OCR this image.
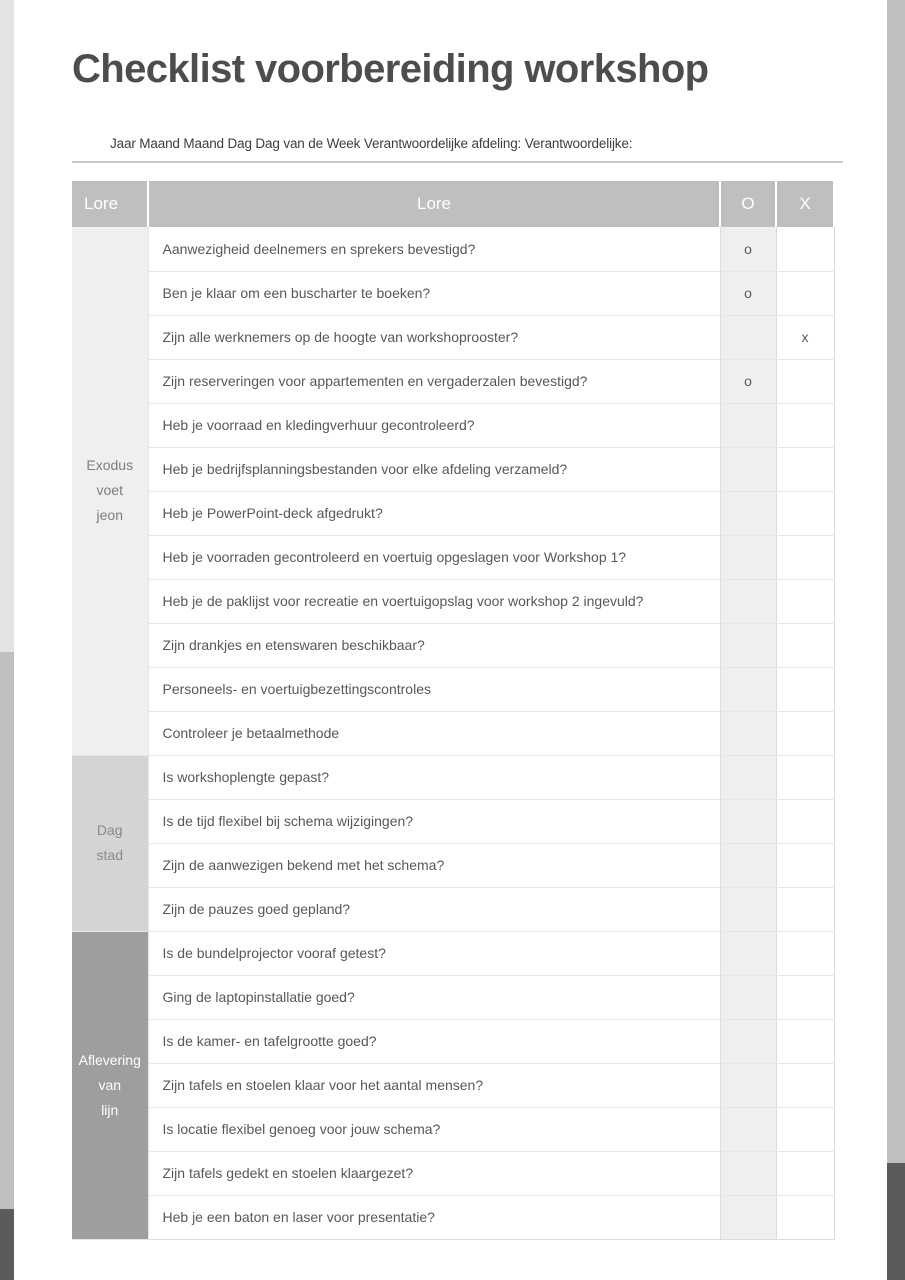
Checklist voorbereiding workshop
Jaar Maand Maand Dag Dag van de Week Verantwoordelijke afdeling: Verantwoordelijke:
Lore	Lore	O	X

Exodus
voet
jeon	Aanwezigheid deelnemers en sprekers bevestigd?	o	
	Ben je klaar om een buscharter te boeken?	o	
	Zijn alle werknemers op de hoogte van workshoprooster?		x
	Zijn reserveringen voor appartementen en vergaderzalen bevestigd?	o	
	Heb je voorraad en kledingverhuur gecontroleerd?		
	Heb je bedrijfsplanningsbestanden voor elke afdeling verzameld?		
	Heb je PowerPoint-deck afgedrukt?		
	Heb je voorraden gecontroleerd en voertuig opgeslagen voor Workshop 1?		
	Heb je de paklijst voor recreatie en voertuigopslag voor workshop 2 ingevuld?		
	Zijn drankjes en etenswaren beschikbaar?		
	Personeels- en voertuigbezettingscontroles		
	Controleer je betaalmethode		

Dag
stad	Is workshoplengte gepast?		
	Is de tijd flexibel bij schema wijzigingen?		
	Zijn de aanwezigen bekend met het schema?		
	Zijn de pauzes goed gepland?		

Aflevering
van
lijn	Is de bundelprojector vooraf getest?		
	Ging de laptopinstallatie goed?		
	Is de kamer- en tafelgrootte goed?		
	Zijn tafels en stoelen klaar voor het aantal mensen?		
	Is locatie flexibel genoeg voor jouw schema?		
	Zijn tafels gedekt en stoelen klaargezet?		
	Heb je een baton en laser voor presentatie?		
